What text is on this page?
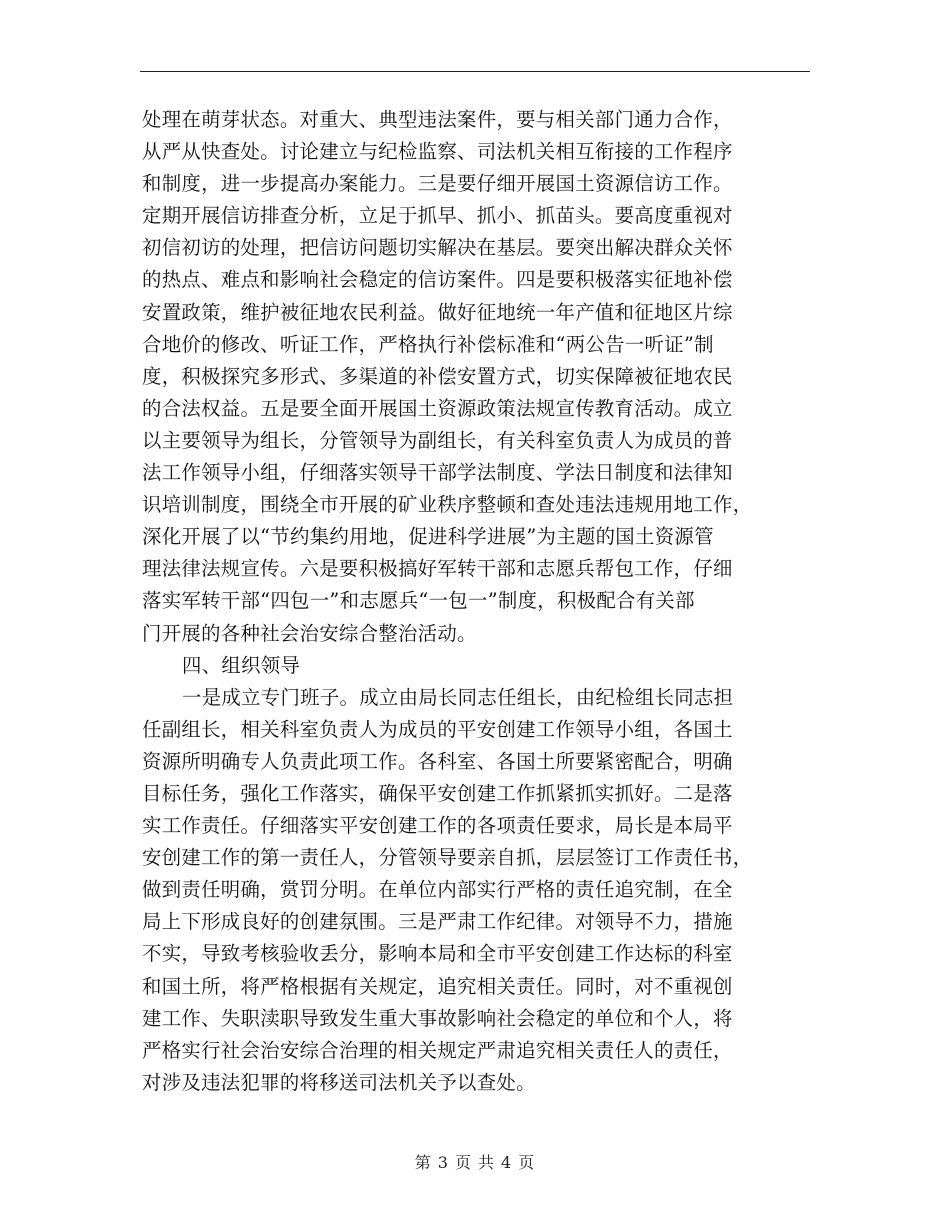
处理在萌芽状态。对重大、典型违法案件，要与相关部门通力合作，
从严从快查处。讨论建立与纪检监察、司法机关相互衔接的工作程序
和制度，进一步提高办案能力。三是要仔细开展国土资源信访工作。
定期开展信访排查分析，立足于抓早、抓小、抓苗头。要高度重视对
初信初访的处理，把信访问题切实解决在基层。要突出解决群众关怀
的热点、难点和影响社会稳定的信访案件。四是要积极落实征地补偿
安置政策，维护被征地农民利益。做好征地统一年产值和征地区片综
合地价的修改、听证工作，严格执行补偿标准和“两公告一听证”制
度，积极探究多形式、多渠道的补偿安置方式，切实保障被征地农民
的合法权益。五是要全面开展国土资源政策法规宣传教育活动。成立
以主要领导为组长，分管领导为副组长，有关科室负责人为成员的普
法工作领导小组，仔细落实领导干部学法制度、学法日制度和法律知
识培训制度，围绕全市开展的矿业秩序整顿和查处违法违规用地工作，
深化开展了以“节约集约用地，促进科学进展”为主题的国土资源管
理法律法规宣传。六是要积极搞好军转干部和志愿兵帮包工作，仔细
落实军转干部“四包一”和志愿兵“一包一”制度，积极配合有关部
门开展的各种社会治安综合整治活动。
四、组织领导
一是成立专门班子。成立由局长同志任组长，由纪检组长同志担
任副组长，相关科室负责人为成员的平安创建工作领导小组，各国土
资源所明确专人负责此项工作。各科室、各国土所要紧密配合，明确
目标任务，强化工作落实，确保平安创建工作抓紧抓实抓好。二是落
实工作责任。仔细落实平安创建工作的各项责任要求，局长是本局平
安创建工作的第一责任人，分管领导要亲自抓，层层签订工作责任书，
做到责任明确，赏罚分明。在单位内部实行严格的责任追究制，在全
局上下形成良好的创建氛围。三是严肃工作纪律。对领导不力，措施
不实，导致考核验收丢分，影响本局和全市平安创建工作达标的科室
和国土所，将严格根据有关规定，追究相关责任。同时，对不重视创
建工作、失职渎职导致发生重大事故影响社会稳定的单位和个人，将
严格实行社会治安综合治理的相关规定严肃追究相关责任人的责任，
对涉及违法犯罪的将移送司法机关予以查处。
第 3 页 共 4 页
